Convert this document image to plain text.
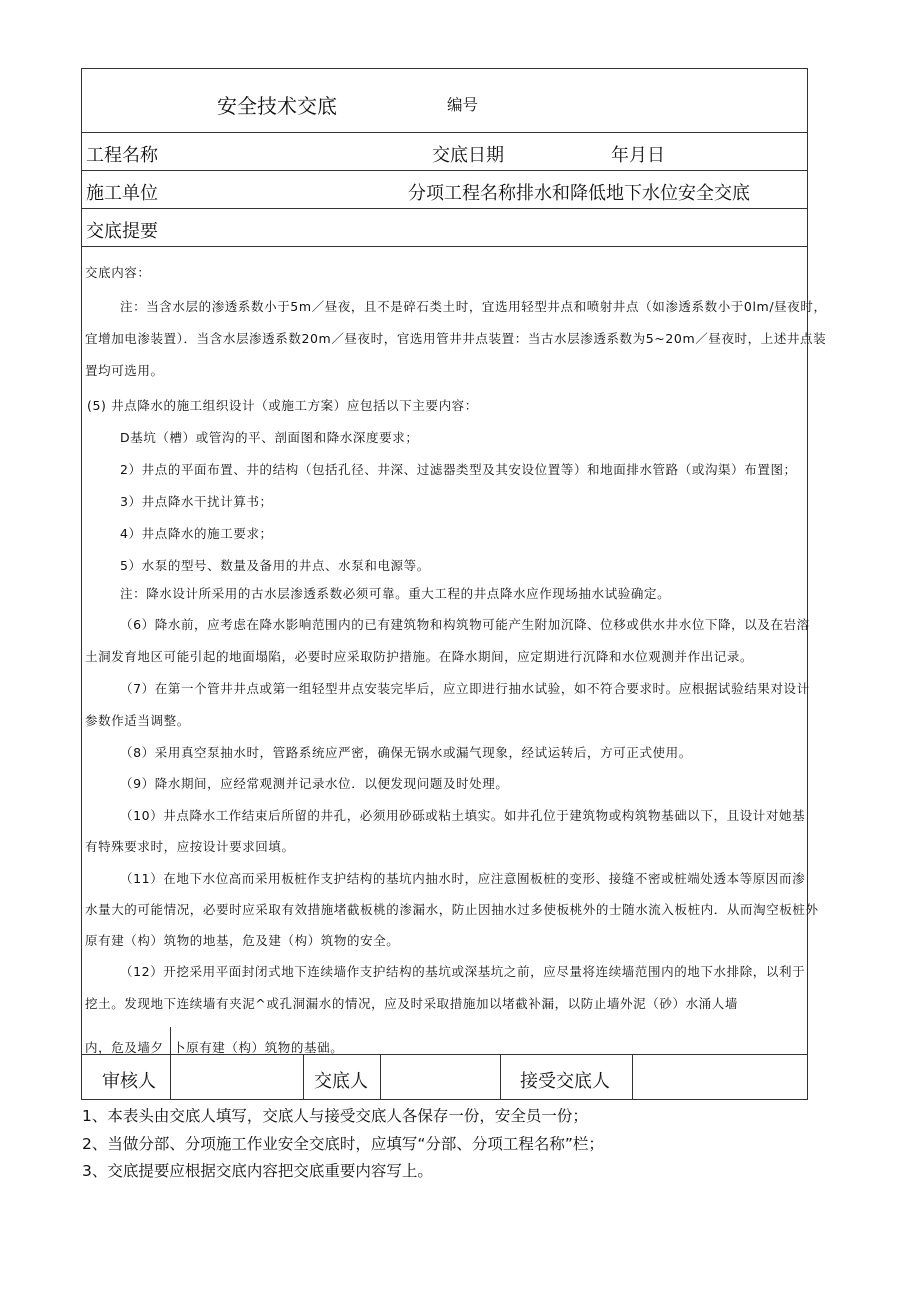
安全技术交底	编号
工程名称	交底日期	年月日
施工单位	分项工程名称排水和降低地下水位安全交底
交底提要
交底内容：
注：当含水层的渗透系数小于5m／昼夜，且不是碎石类土时，宜选用轻型井点和喷射井点（如渗透系数小于0lm/昼夜时，
宜增加电渗装置）．当含水层渗透系数20m／昼夜时，官选用管井井点装置：当古水层渗透系数为5~20m／昼夜时，上述井点装
置均可选用。
(5) 井点降水的施工组织设计（或施工方案）应包括以下主要内容：
D基坑（槽）或管沟的平、剖面图和降水深度要求；
2）井点的平面布置、井的结构（包括孔径、井深、过滤器类型及其安设位置等）和地面排水管路（或沟渠）布置图；
3）井点降水干扰计算书；
4）井点降水的施工要求；
5）水泵的型号、数量及备用的井点、水泵和电源等。
注：降水设计所采用的古水层渗透系数必须可靠。重大工程的井点降水应作现场抽水试验确定。
（6）降水前，应考虑在降水影响范围内的已有建筑物和构筑物可能产生附加沉降、位移或供水井水位下降，以及在岩溶
土洞发育地区可能引起的地面塌陷，必要时应采取防护措施。在降水期间，应定期进行沉降和水位观测并作出记录。
（7）在第一个管井井点或第一组轻型井点安装完毕后，应立即进行抽水试验，如不符合要求时。应根据试验结果对设计
参数作适当调整。
（8）采用真空泵抽水时，管路系统应严密，确保无锅水或漏气现象，经试运转后，方可正式使用。
（9）降水期间，应经常观测并记录水位．以便发现问题及时处理。
（10）井点降水工作结束后所留的井孔，必须用砂砾或粘土填实。如井孔位于建筑物或构筑物基础以下，且设计对她基
有特殊要求时，应按设计要求回填。
（11）在地下水位高而采用板桩作支护结构的基坑内抽水时，应注意囿板桩的变形、接缝不密或桩端处透本等原因而渗
水量大的可能情况，必要时应采取有效措施堵截板桃的渗漏水，防止因抽水过多使板桃外的士随水流入板桩内．从而淘空板桩外
原有建（构）筑物的地基，危及建（构）筑物的安全。
（12）开挖采用平面封闭式地下连续墙作支护结构的基坑或深基坑之前，应尽量将连续墙范围内的地下水排除，以利于
挖土。发现地下连续墙有夹泥^或孔洞漏水的情况，应及时采取措施加以堵截补漏，以防止墙外泥（砂）水涌人墙
内，危及墙夕 卜原有建（构）筑物的基础。
审核人	交底人	接受交底人
1、本表头由交底人填写，交底人与接受交底人各保存一份，安全员一份；
2、当做分部、分项施工作业安全交底时，应填写“分部、分项工程名称”栏；
3、交底提要应根据交底内容把交底重要内容写上。
